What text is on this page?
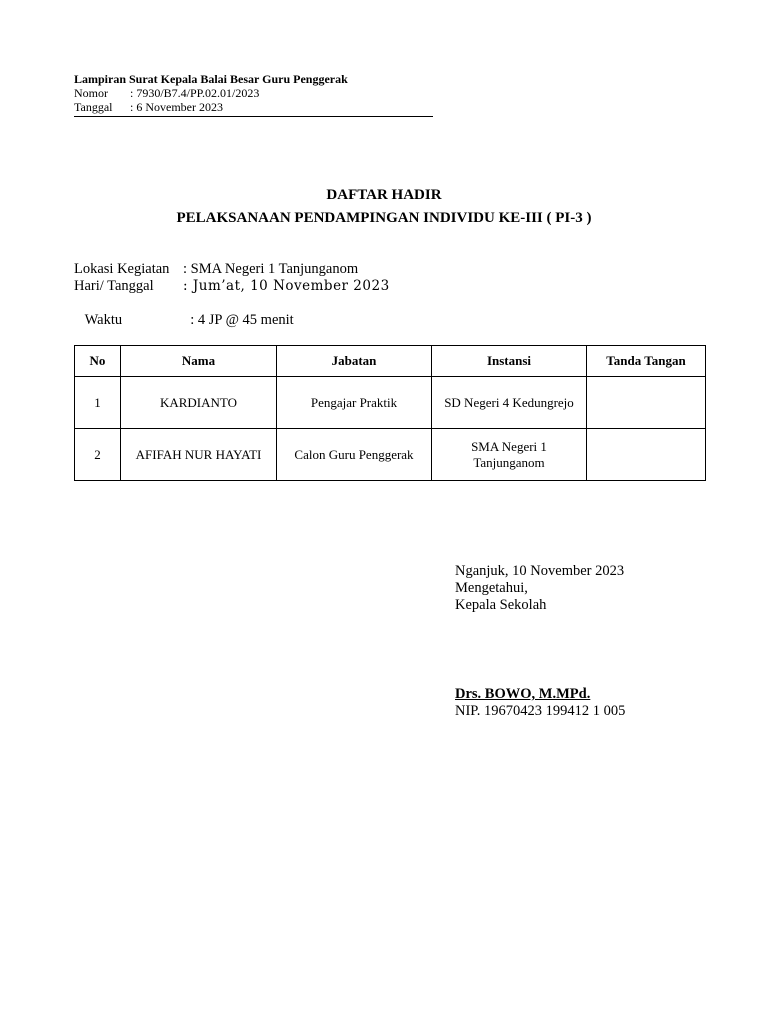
Lampiran Surat Kepala Balai Besar Guru Penggerak
Nomor : 7930/B7.4/PP.02.01/2023
Tanggal : 6 November 2023
DAFTAR HADIR
PELAKSANAAN PENDAMPINGAN INDIVIDU KE-III ( PI-3 )
Lokasi Kegiatan : SMA Negeri 1 Tanjunganom
Hari/ Tanggal : Jum’at, 10 November 2023

Waktu	: 4 JP @ 45 menit

No	Nama	Jabatan	Instansi	Tanda Tangan
1	KARDIANTO	Pengajar Praktik	SD Negeri 4 Kedungrejo	
2	AFIFAH NUR HAYATI	Calon Guru Penggerak	SMA Negeri 1
Tanjunganom	

Nganjuk, 10 November 2023
Mengetahui,
Kepala Sekolah
Drs. BOWO, M.MPd.
NIP. 19670423 199412 1 005
